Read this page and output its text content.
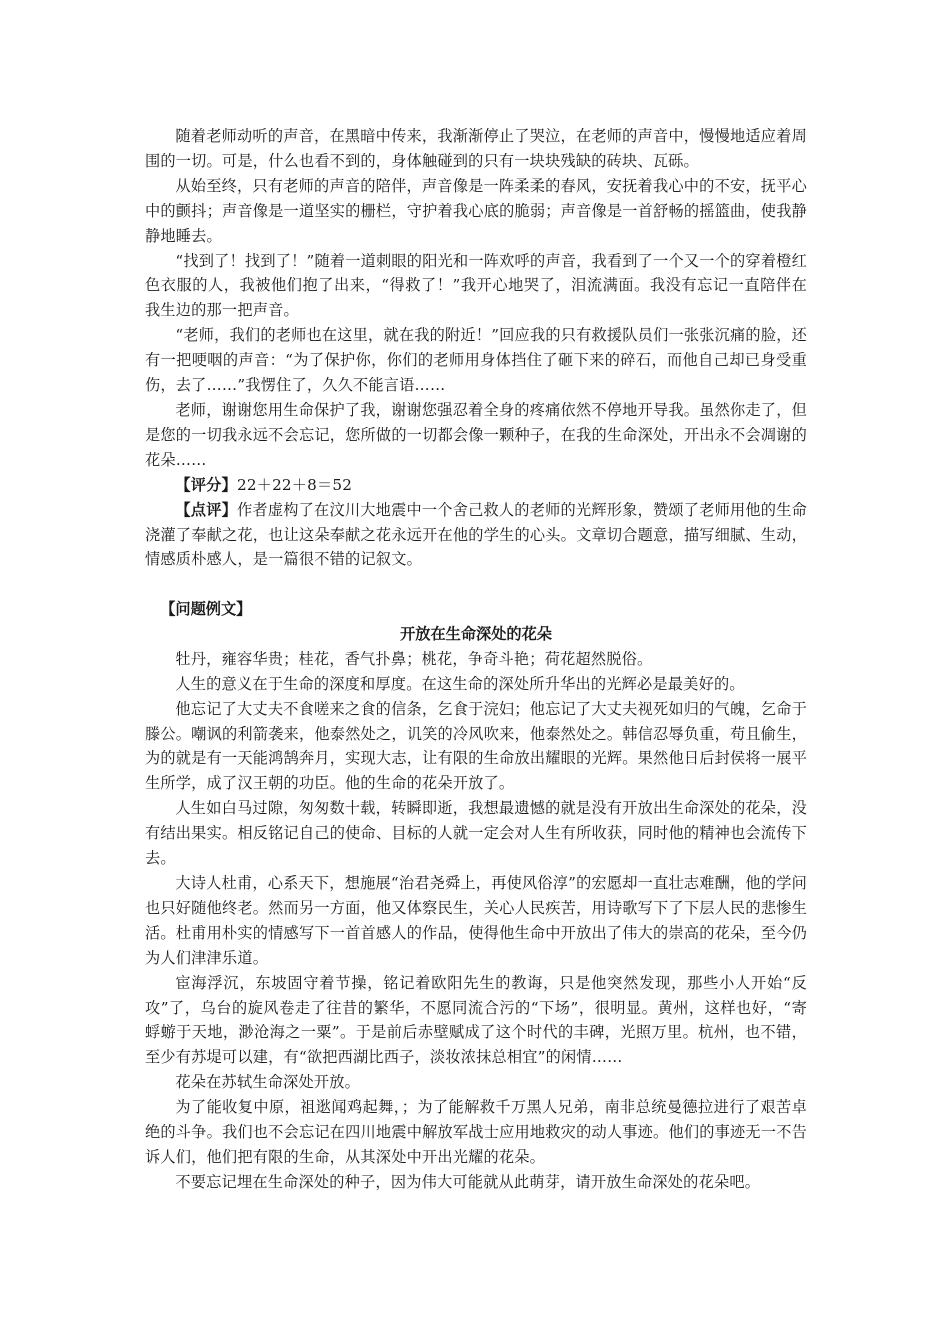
随着老师动听的声音，在黑暗中传来，我渐渐停止了哭泣，在老师的声音中，慢慢地适应着周围的一切。可是，什么也看不到的，身体触碰到的只有一块块残缺的砖块、瓦砾。

从始至终，只有老师的声音的陪伴，声音像是一阵柔柔的春风，安抚着我心中的不安，抚平心中的颤抖；声音像是一道坚实的栅栏，守护着我心底的脆弱；声音像是一首舒畅的摇篮曲，使我静静地睡去。

“找到了！找到了！”随着一道刺眼的阳光和一阵欢呼的声音，我看到了一个又一个的穿着橙红色衣服的人，我被他们抱了出来，“得救了！”我开心地哭了，泪流满面。我没有忘记一直陪伴在我生边的那一把声音。

“老师，我们的老师也在这里，就在我的附近！”回应我的只有救援队员们一张张沉痛的脸，还有一把哽咽的声音：“为了保护你，你们的老师用身体挡住了砸下来的碎石，而他自己却已身受重伤，去了……”我愣住了，久久不能言语……

老师，谢谢您用生命保护了我，谢谢您强忍着全身的疼痛依然不停地开导我。虽然你走了，但是您的一切我永远不会忘记，您所做的一切都会像一颗种子，在我的生命深处，开出永不会凋谢的花朵……

【评分】22＋22＋8＝52

【点评】作者虚构了在汶川大地震中一个舍己救人的老师的光辉形象，赞颂了老师用他的生命浇灌了奉献之花，也让这朵奉献之花永远开在他的学生的心头。文章切合题意，描写细腻、生动，情感质朴感人，是一篇很不错的记叙文。

【问题例文】

开放在生命深处的花朵

牡丹，雍容华贵；桂花，香气扑鼻；桃花，争奇斗艳；荷花超然脱俗。

人生的意义在于生命的深度和厚度。在这生命的深处所升华出的光辉必是最美好的。

他忘记了大丈夫不食嗟来之食的信条，乞食于浣妇；他忘记了大丈夫视死如归的气魄，乞命于滕公。嘲讽的利箭袭来，他泰然处之，讥笑的冷风吹来，他泰然处之。韩信忍辱负重，苟且偷生，为的就是有一天能鸿鹄奔月，实现大志，让有限的生命放出耀眼的光辉。果然他日后封侯将一展平生所学，成了汉王朝的功臣。他的生命的花朵开放了。

人生如白马过隙，匆匆数十载，转瞬即逝，我想最遗憾的就是没有开放出生命深处的花朵，没有结出果实。相反铭记自己的使命、目标的人就一定会对人生有所收获，同时他的精神也会流传下去。

大诗人杜甫，心系天下，想施展“治君尧舜上，再使风俗淳”的宏愿却一直壮志难酬，他的学问也只好随他终老。然而另一方面，他又体察民生，关心人民疾苦，用诗歌写下了下层人民的悲惨生活。杜甫用朴实的情感写下一首首感人的作品，使得他生命中开放出了伟大的崇高的花朵，至今仍为人们津津乐道。

宦海浮沉，东坡固守着节操，铭记着欧阳先生的教诲，只是他突然发现，那些小人开始“反攻”了，乌台的旋风卷走了往昔的繁华，不愿同流合污的“下场”，很明显。黄州，这样也好，“寄蜉蝣于天地，渺沧海之一粟”。于是前后赤壁赋成了这个时代的丰碑，光照万里。杭州，也不错，至少有苏堤可以建，有“欲把西湖比西子，淡妆浓抹总相宜”的闲情……

花朵在苏轼生命深处开放。

为了能收复中原，祖逖闻鸡起舞，；为了能解救千万黑人兄弟，南非总统曼德拉进行了艰苦卓绝的斗争。我们也不会忘记在四川地震中解放军战士应用地救灾的动人事迹。他们的事迹无一不告诉人们，他们把有限的生命，从其深处中开出光耀的花朵。

不要忘记埋在生命深处的种子，因为伟大可能就从此萌芽，请开放生命深处的花朵吧。
